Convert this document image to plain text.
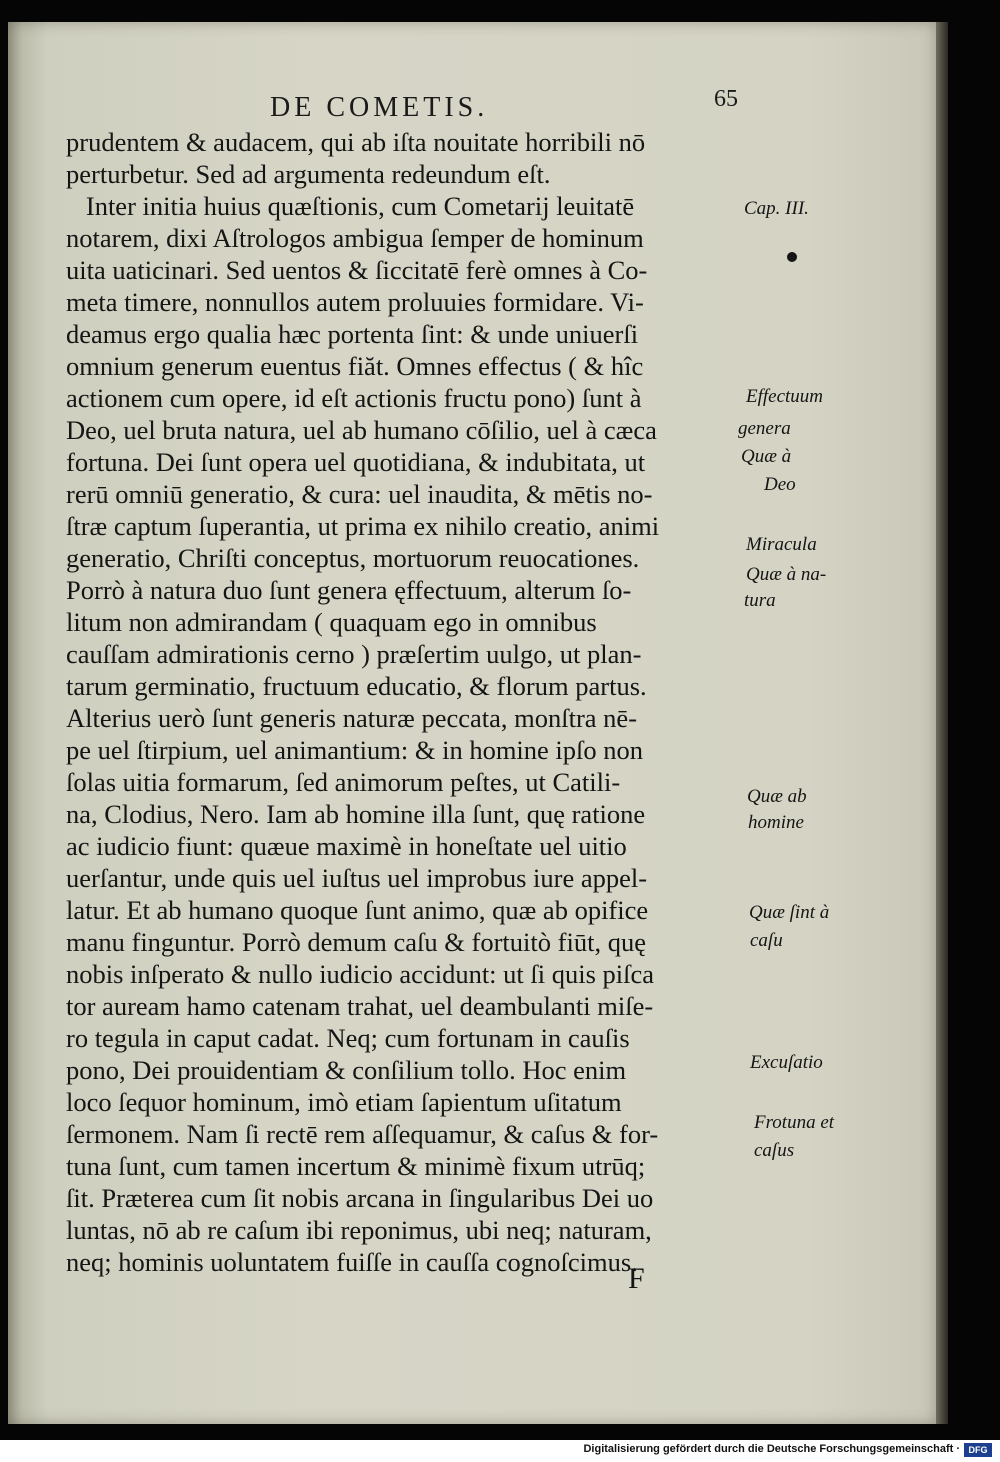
DE COMETIS.	65
prudentem & audacem, qui ab iſta nouitate horribili nō
perturbetur. Sed ad argumenta redeundum eſt.
Inter initia huius quæſtionis, cum Cometarij leuitatē
notarem, dixi Aſtrologos ambigua ſemper de hominum
uita uaticinari. Sed uentos & ſiccitatē ferè omnes à Co-
meta timere, nonnullos autem proluuies formidare. Vi-
deamus ergo qualia hæc portenta ſint: & unde uniuerſi
omnium generum euentus fiăt. Omnes effectus ( & hîc
actionem cum opere, id eſt actionis fructu pono) ſunt à
Deo, uel bruta natura, uel ab humano cōſilio, uel à cæca
fortuna. Dei ſunt opera uel quotidiana, & indubitata, ut
rerū omniū generatio, & cura: uel inaudita, & mētis no-
ſtræ captum ſuperantia, ut prima ex nihilo creatio, animi
generatio, Chriſti conceptus, mortuorum reuocationes.
Porrò à natura duo ſunt genera ęffectuum, alterum ſo-
litum non admirandam ( quaquam ego in omnibus
cauſſam admirationis cerno ) præſertim uulgo, ut plan-
tarum germinatio, fructuum educatio, & florum partus.
Alterius uerò ſunt generis naturæ peccata, monſtra nē-
pe uel ſtirpium, uel animantium: & in homine ipſo non
ſolas uitia formarum, ſed animorum peſtes, ut Catili-
na, Clodius, Nero. Iam ab homine illa ſunt, quę ratione
ac iudicio fiunt: quæue maximè in honeſtate uel uitio
uerſantur, unde quis uel iuſtus uel improbus iure appel-
latur. Et ab humano quoque ſunt animo, quæ ab opifice
manu finguntur. Porrò demum caſu & fortuitò fiūt, quę
nobis inſperato & nullo iudicio accidunt: ut ſi quis piſca
tor auream hamo catenam trahat, uel deambulanti miſe-
ro tegula in caput cadat. Neq; cum fortunam in cauſis
pono, Dei prouidentiam & conſilium tollo. Hoc enim
loco ſequor hominum, imò etiam ſapientum uſitatum
ſermonem. Nam ſi rectē rem aſſequamur, & caſus & for-
tuna ſunt, cum tamen incertum & minimè fixum utrūq;
ſit. Præterea cum ſit nobis arcana in ſingularibus Dei uo
luntas, nō ab re caſum ibi reponimus, ubi neq; naturam,
neq; hominis uoluntatem fuiſſe in cauſſa cognoſcimus.
Cap. III.
Effectuum
genera
Quæ à
Deo
Miracula
Quæ à na-
tura
Quæ ab
homine
Quæ ſint à
caſu
Excuſatio
Frotuna et
caſus
F
Digitalisierung gefördert durch die Deutsche Forschungsgemeinschaft · DFG
